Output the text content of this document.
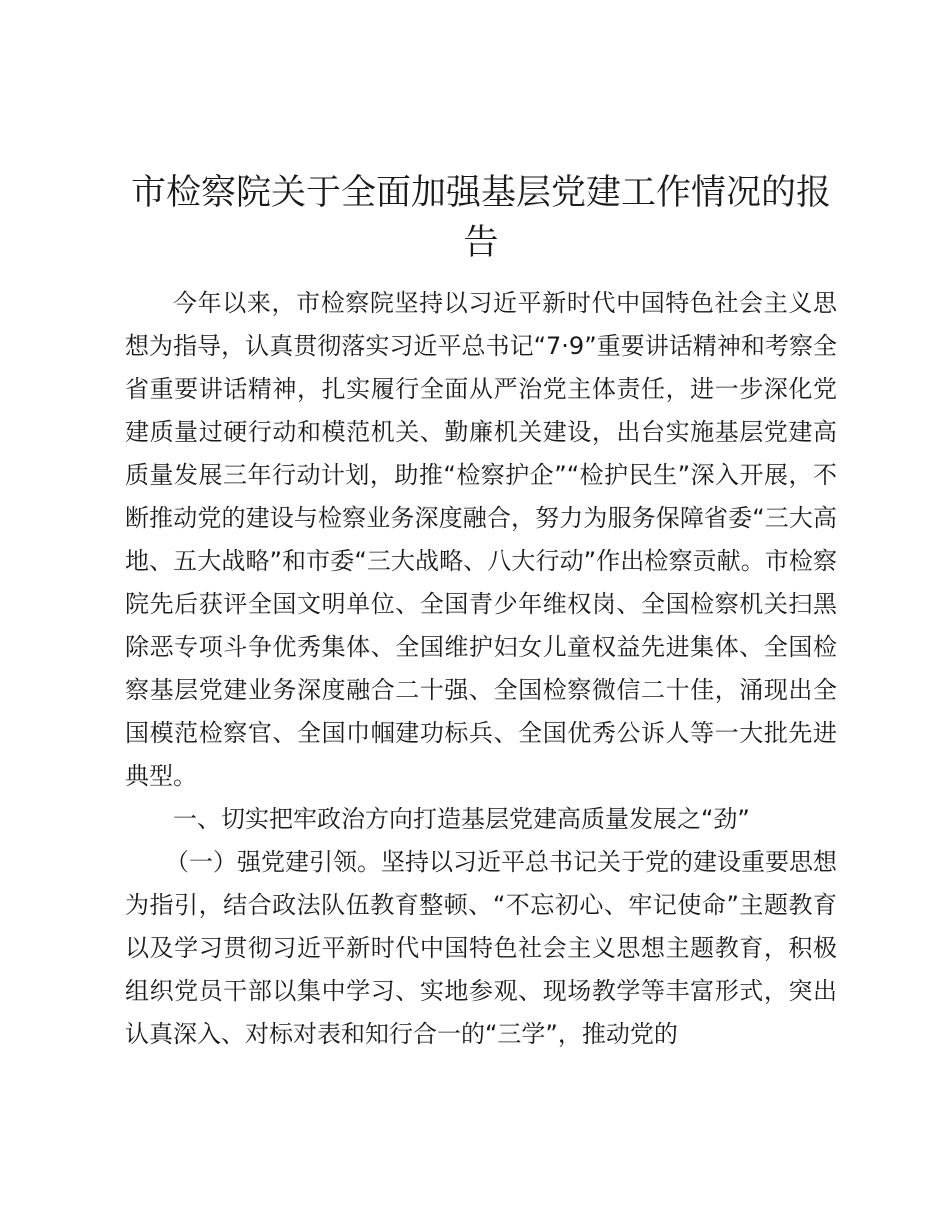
市检察院关于全面加强基层党建工作情况的报告

今年以来，市检察院坚持以习近平新时代中国特色社会主义思想为指导，认真贯彻落实习近平总书记“7·9”重要讲话精神和考察全省重要讲话精神，扎实履行全面从严治党主体责任，进一步深化党建质量过硬行动和模范机关、勤廉机关建设，出台实施基层党建高质量发展三年行动计划，助推“检察护企”“检护民生”深入开展，不断推动党的建设与检察业务深度融合，努力为服务保障省委“三大高地、五大战略”和市委“三大战略、八大行动”作出检察贡献。市检察院先后获评全国文明单位、全国青少年维权岗、全国检察机关扫黑除恶专项斗争优秀集体、全国维护妇女儿童权益先进集体、全国检察基层党建业务深度融合二十强、全国检察微信二十佳，涌现出全国模范检察官、全国巾帼建功标兵、全国优秀公诉人等一大批先进典型。

一、切实把牢政治方向打造基层党建高质量发展之“劲”

（一）强党建引领。坚持以习近平总书记关于党的建设重要思想为指引，结合政法队伍教育整顿、“不忘初心、牢记使命”主题教育以及学习贯彻习近平新时代中国特色社会主义思想主题教育，积极组织党员干部以集中学习、实地参观、现场教学等丰富形式，突出认真深入、对标对表和知行合一的“三学”，推动党的
